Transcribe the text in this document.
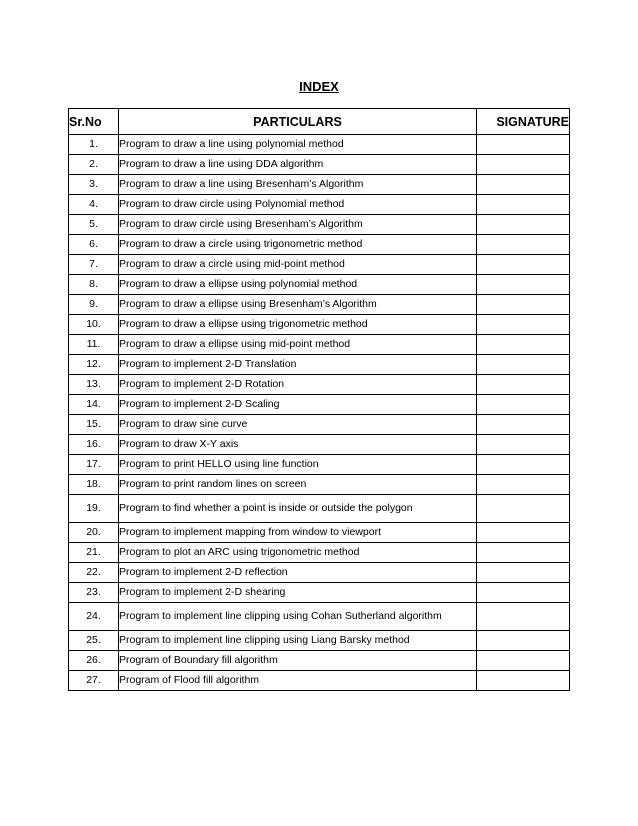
INDEX
Sr.No	PARTICULARS	SIGNATURE
1.	Program to draw a line using polynomial method	
2.	Program to draw a line using DDA algorithm	
3.	Program to draw a line using Bresenham’s Algorithm	
4.	Program to draw circle using Polynomial method	
5.	Program to draw circle using Bresenham’s Algorithm	
6.	Program to draw a circle using trigonometric method	
7.	Program to draw a circle using mid-point method	
8.	Program to draw a ellipse using polynomial method	
9.	Program to draw a ellipse using Bresenham’s Algorithm	
10.	Program to draw a ellipse using trigonometric method	
11.	Program to draw a ellipse using mid-point method	
12.	Program to implement 2-D Translation	
13.	Program to implement 2-D Rotation	
14.	Program to implement 2-D Scaling	
15.	Program to draw sine curve	
16.	Program to draw X-Y axis	
17.	Program to print HELLO using line function	
18.	Program to print random lines on screen	
19.	Program to find whether a point is inside or outside the polygon	
20.	Program to implement mapping from window to viewport	
21.	Program to plot an ARC using trigonometric method	
22.	Program to implement 2-D reflection	
23.	Program to implement 2-D shearing	
24.	Program to implement line clipping using Cohan Sutherland algorithm	
25.	Program to implement line clipping using Liang Barsky method	
26.	Program of Boundary fill algorithm	
27.	Program of Flood fill algorithm	
